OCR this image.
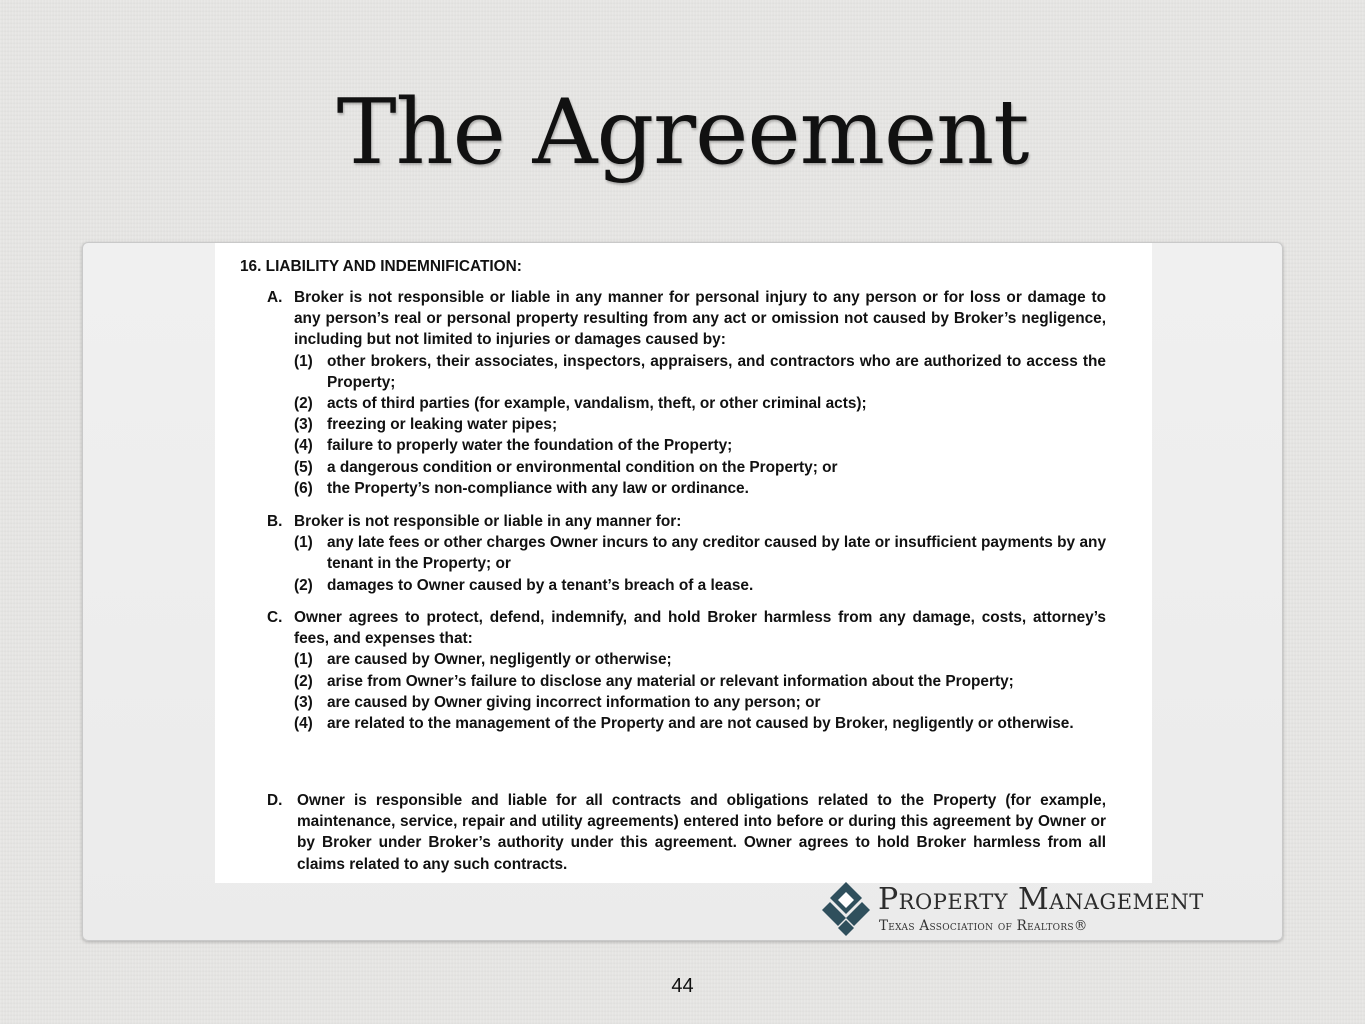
The Agreement

16. LIABILITY AND INDEMNIFICATION:

A. Broker is not responsible or liable in any manner for personal injury to any person or for loss or damage to any person’s real or personal property resulting from any act or omission not caused by Broker’s negligence, including but not limited to injuries or damages caused by:

(1) other brokers, their associates, inspectors, appraisers, and contractors who are authorized to access the Property;
(2) acts of third parties (for example, vandalism, theft, or other criminal acts);
(3) freezing or leaking water pipes;
(4) failure to properly water the foundation of the Property;
(5) a dangerous condition or environmental condition on the Property; or
(6) the Property’s non-compliance with any law or ordinance.
B. Broker is not responsible or liable in any manner for:

(1) any late fees or other charges Owner incurs to any creditor caused by late or insufficient payments by any tenant in the Property; or
(2) damages to Owner caused by a tenant’s breach of a lease.
C. Owner agrees to protect, defend, indemnify, and hold Broker harmless from any damage, costs, attorney’s fees, and expenses that:

(1) are caused by Owner, negligently or otherwise;
(2) arise from Owner’s failure to disclose any material or relevant information about the Property;
(3) are caused by Owner giving incorrect information to any person; or
(4) are related to the management of the Property and are not caused by Broker, negligently or otherwise.
D. Owner is responsible and liable for all contracts and obligations related to the Property (for example, maintenance, service, repair and utility agreements) entered into before or during this agreement by Owner or by Broker under Broker’s authority under this agreement. Owner agrees to hold Broker harmless from all claims related to any such contracts.

Property Management
Texas Association of Realtors®
44
